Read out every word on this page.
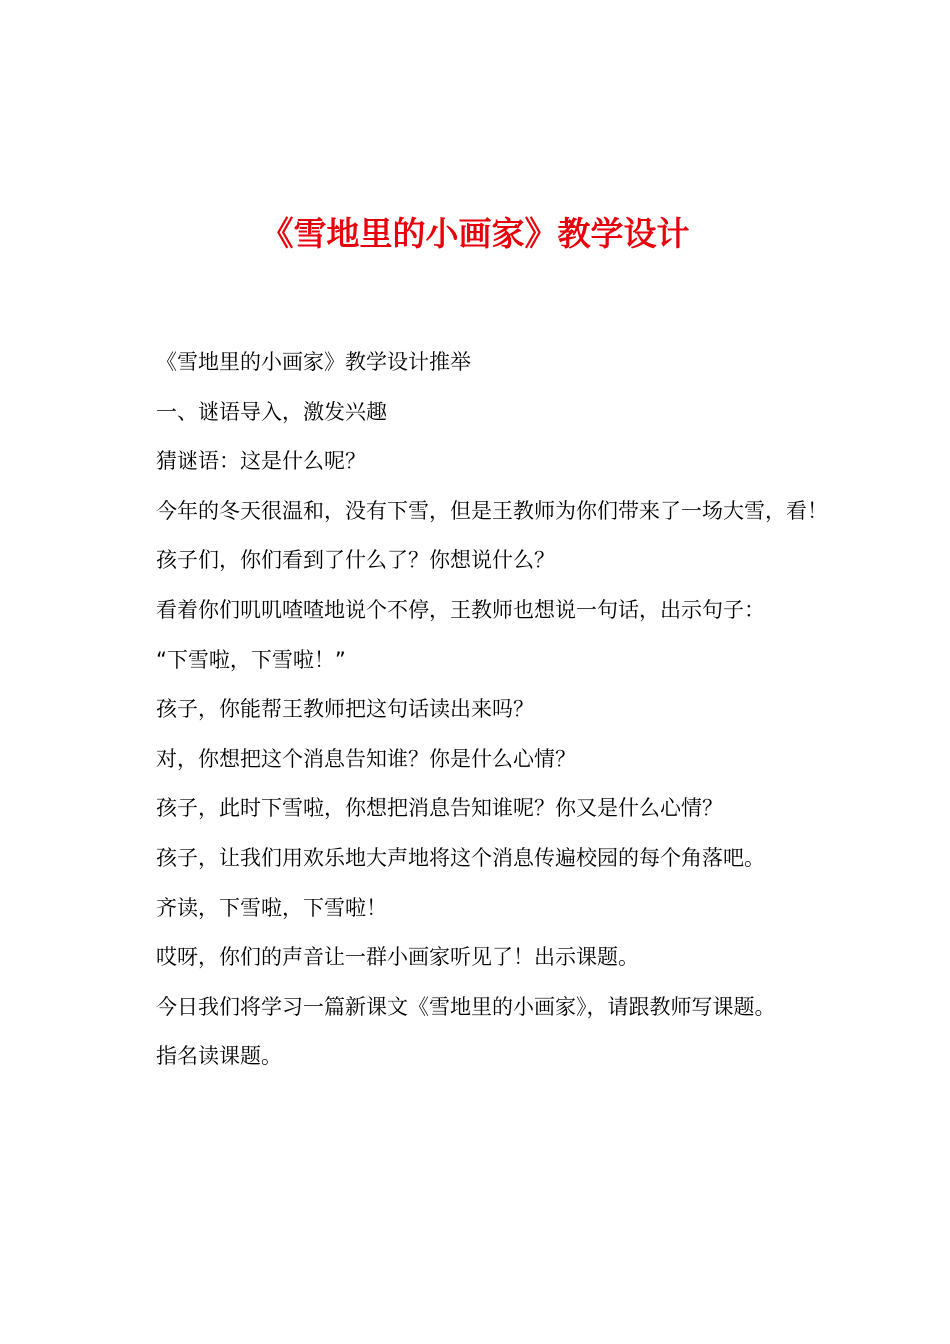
《雪地里的小画家》教学设计

《雪地里的小画家》教学设计推举

一、谜语导入，激发兴趣

猜谜语：这是什么呢？

今年的冬天很温和，没有下雪，但是王教师为你们带来了一场大雪，看！

孩子们，你们看到了什么了？你想说什么？

看着你们叽叽喳喳地说个不停，王教师也想说一句话，出示句子：

“下雪啦，下雪啦！”

孩子，你能帮王教师把这句话读出来吗？

对，你想把这个消息告知谁？你是什么心情？

孩子，此时下雪啦，你想把消息告知谁呢？你又是什么心情？

孩子，让我们用欢乐地大声地将这个消息传遍校园的每个角落吧。

齐读，下雪啦，下雪啦！

哎呀，你们的声音让一群小画家听见了！出示课题。

今日我们将学习一篇新课文《雪地里的小画家》，请跟教师写课题。

指名读课题。
